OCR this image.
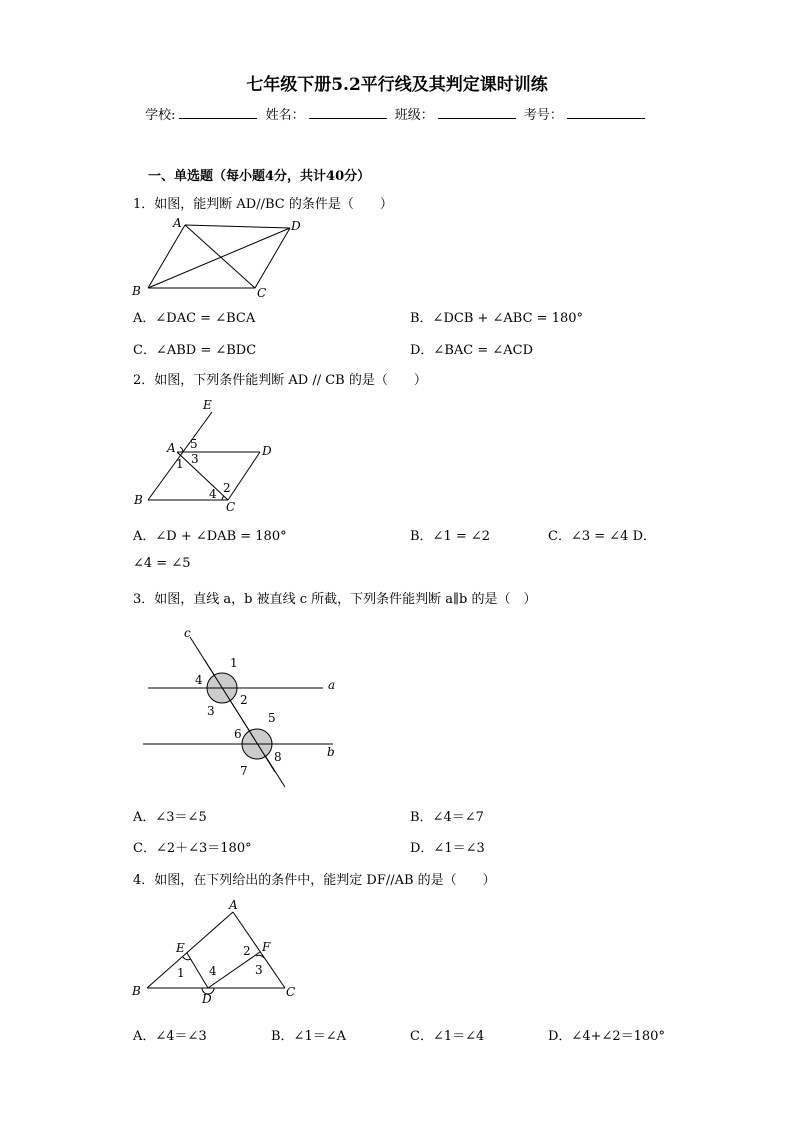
七年级下册5.2平行线及其判定课时训练
学校:	姓名：	班级：	考号：
一、单选题（每小题4分，共计40分）
1．如图，能判断 AD//BC 的条件是（　　）
A	D
B	C
A．∠DAC = ∠BCA	B．∠DCB + ∠ABC = 180°
C．∠ABD = ∠BDC	D．∠BAC = ∠ACD
2．如图，下列条件能判断 AD // CB 的是（　　）
E
A	D
B	C
5
1 3
2
4
A．∠D + ∠DAB = 180°	B．∠1 = ∠2	C．∠3 = ∠4 D．
∠4 = ∠5
3．如图，直线 a，b 被直线 c 所截，下列条件能判断 a∥b 的是（　）
c
a
b
1
4
3
2
5
6
8
7
A．∠3＝∠5	B．∠4＝∠7
C．∠2＋∠3＝180°	D．∠1＝∠3
4．如图，在下列给出的条件中，能判定 DF//AB 的是（　　）
A
B	C
D
E	F
1 4
2
3
A．∠4＝∠3	B．∠1＝∠A	C．∠1＝∠4	D．∠4+∠2＝180°
